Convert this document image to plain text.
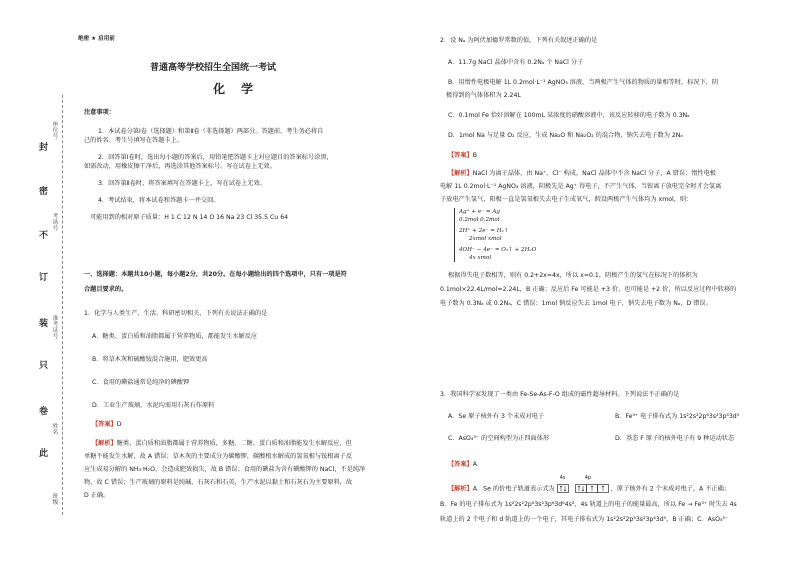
封
密
不
订
装
只
卷
此
座位号
考场号
准考证号
姓名
班级
绝密 ★ 启用前
普通高等学校招生全国统一考试
化 学
注意事项：
1．本试卷分第Ⅰ卷（选择题）和第Ⅱ卷（非选择题）两部分。答题前，考生务必将自
己的姓名、考生号填写在答题卡上。
2．回答第Ⅰ卷时，选出每小题的答案后，用铅笔把答题卡上对应题目的答案标号涂黑，
如需改动，用橡皮擦干净后，再选涂其他答案标号。写在试卷上无效。
3．回答第Ⅱ卷时，将答案填写在答题卡上，写在试卷上无效。
4．考试结束，将本试卷和答题卡一并交回。
可能用到的相对原子质量：H 1 C 12 N 14 O 16 Na 23 Cl 35.5 Cu 64
一、选择题：本题共10小题，每小题2分，共20分。在每小题给出的四个选项中，只有一项是符
合题目要求的。
1．化学与人类生产、生活、科研密切相关，下列有关说法正确的是
A．糖类、蛋白质和油脂都属于营养物质，都能发生水解反应
B．将草木灰和硫酸铵混合施用，肥效更高
C．食用的碘盐通常是纯净的碘酸钾
D．工业生产玻璃、水泥均需用石灰石作原料
【答案】D
【解析】糖类、蛋白质和油脂都属于营养物质，多糖、二糖、蛋白质和油脂能发生水解反应，但
单糖不能发生水解，故 A 错误；草木灰的主要成分为碳酸钾，碳酸根水解成的氢氧根与铵根离子反
应生成易分解的 NH₃·H₂O，会造成肥效损失，故 B 错误；食用的碘盐为含有碘酸钾的 NaCl，不是纯净
物，故 C 错误；生产玻璃的原料是纯碱、石灰石和石英，生产水泥以黏土和石灰石为主要原料，故
D 正确。
2．设 Nₐ 为阿伏加德罗常数的值，下列有关叙述正确的是
A．11.7g NaCl 晶体中含有 0.2Nₐ 个 NaCl 分子
B．用惰性电极电解 1L 0.2mol·L⁻¹ AgNO₃ 溶液，当两极产生气体的物质的量相等时，标况下，阴
极得到的气体体积为 2.24L
C．0.1mol Fe 恰好溶解在 100mL 某浓度的硝酸溶液中，该反应转移的电子数为 0.3Nₐ
D．1mol Na 与足量 O₂ 反应，生成 Na₂O 和 Na₂O₂ 的混合物，钠失去电子数为 2Nₐ
【答案】B
【解析】NaCl 为离子晶体，由 Na⁺、Cl⁻ 构成，NaCl 晶体中不含 NaCl 分子，A 错误；惰性电极
电解 1L 0.2mol·L⁻¹ AgNO₃ 溶液，阴极先是 Ag⁺ 得电子，不产生气体，当银离子放电完全时才会氢离
子放电产生氢气，阳极一直是氢氧根失去电子生成氧气，假设两极产生气体均为 xmol，则：
Ag⁺ + e⁻ = Ag
0.2mol 0.2mol
2H⁺ + 2e⁻ = H₂↑
2xmol xmol
4OH⁻ − 4e⁻ = O₂↑ + 2H₂O
4x xmol
根据得失电子数相等，则有 0.2+2x=4x，所以 x=0.1，阴极产生的氢气在标况下的体积为
0.1mol×22.4L/mol=2.24L，B 正确；反应后 Fe 可能是 +3 价，也可能是 +2 价，所以反应过程中转移的
电子数为 0.3Nₐ 或 0.2Nₐ，C 错误；1mol 钠反应失去 1mol 电子，钠失去电子数为 Nₐ，D 错误。
3．我国科学家发现了一类由 Fe-Se-As-F-O 组成的磁性超导材料。下列说法不正确的是
A．Se 原子核外有 3 个未成对电子	B．Fe³⁺ 电子排布式为 1s²2s²2p⁶3s²3p⁶3d⁵
C．AsO₄³⁻ 的空间构型为正四面体形	D．基态 F 原子的核外电子有 9 种运动状态
【答案】A
【解析】A．Se 的价电子轨道表示式为
4s	4p
，原子核外有 2 个未成对电子，A 不正确；
B．Fe 的电子排布式为 1s²2s²2p⁶3s²3p⁶3d⁶4s²，4s 轨道上的电子的能量最高，所以 Fe → Fe³⁺ 时失去 4s
轨道上的 2 个电子和 d 轨道上的一个电子，其电子排布式为 1s²2s²2p⁶3s²3p⁶3d⁵，B 正确；C．AsO₄³⁻
